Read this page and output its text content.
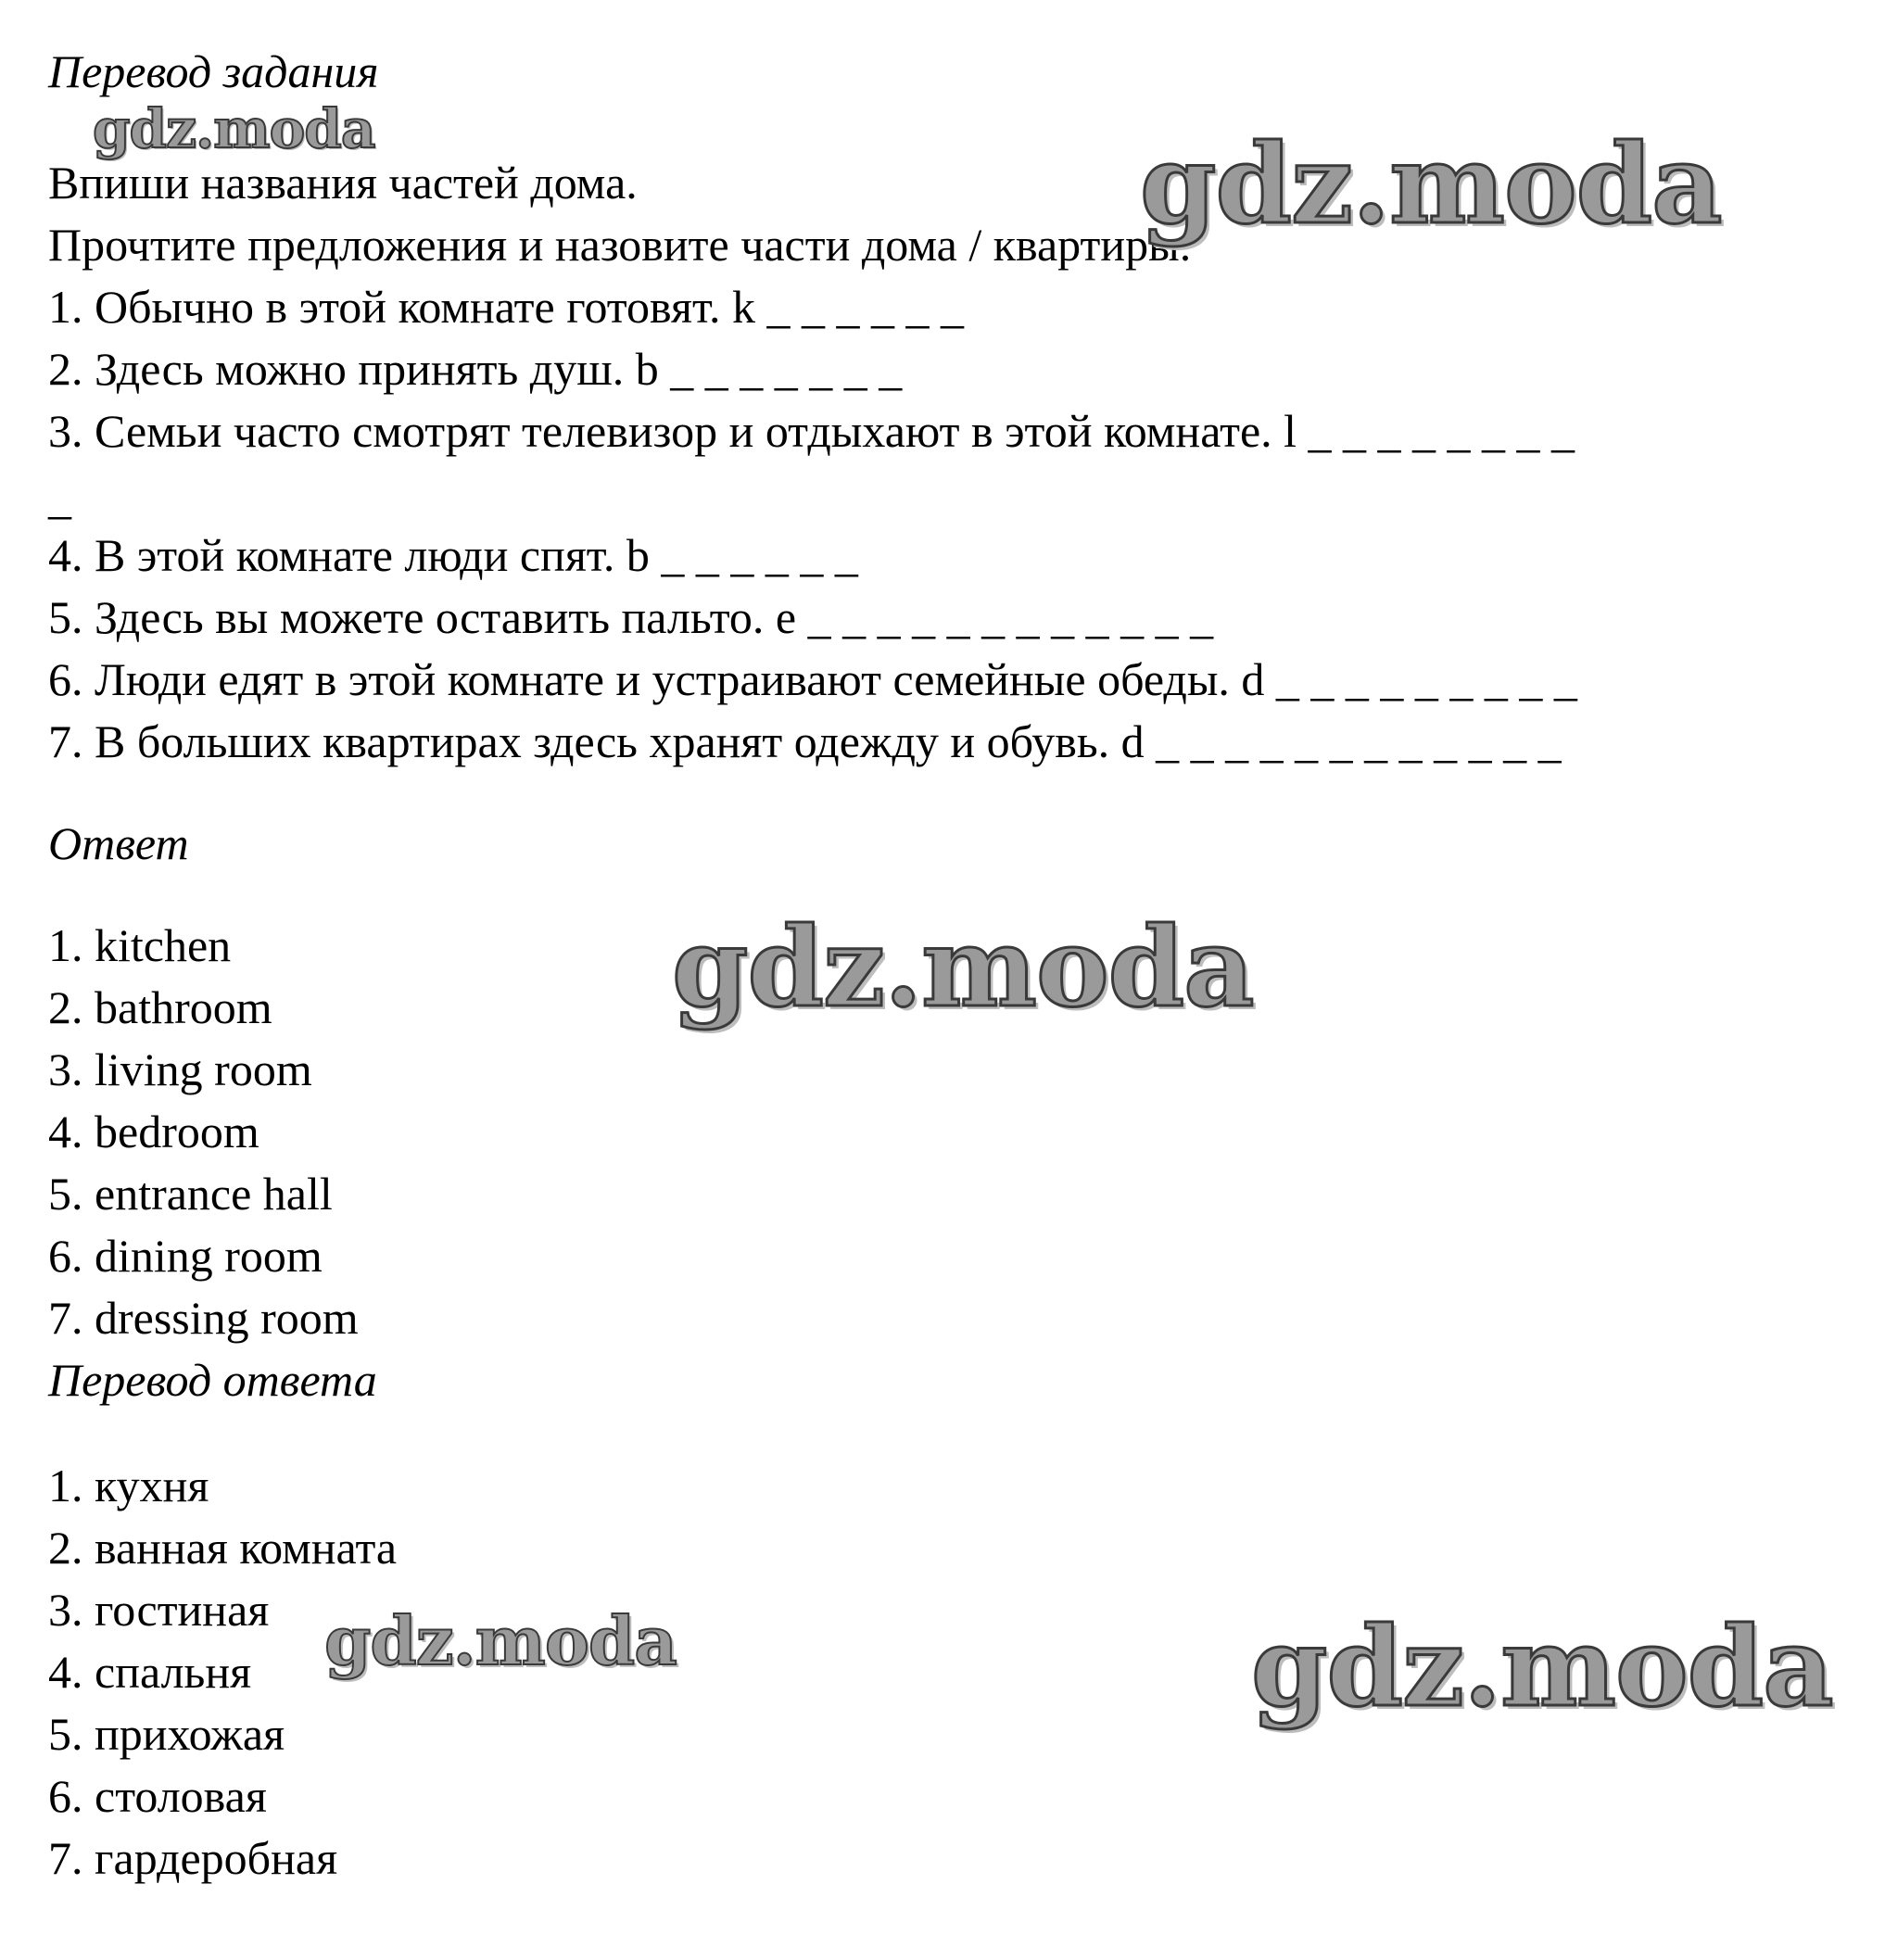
Перевод задания
Впиши названия частей дома.
Прочтите предложения и назовите части дома / квартиры.
1. Обычно в этой комнате готовят. k _ _ _ _ _ _
2. Здесь можно принять душ. b _ _ _ _ _ _ _
3. Семьи часто смотрят телевизор и отдыхают в этой комнате. l _ _ _ _ _ _ _ _
_
4. В этой комнате люди спят. b _ _ _ _ _ _
5. Здесь вы можете оставить пальто. e _ _ _ _ _ _ _ _ _ _ _ _
6. Люди едят в этой комнате и устраивают семейные обеды. d _ _ _ _ _ _ _ _ _
7. В больших квартирах здесь хранят одежду и обувь. d _ _ _ _ _ _ _ _ _ _ _ _
Ответ
1. kitchen
2. bathroom
3. living room
4. bedroom
5. entrance hall
6. dining room
7. dressing room
Перевод ответа
1. кухня
2. ванная комната
3. гостиная
4. спальня
5. прихожая
6. столовая
7. гардеробная
gdz.moda	gdz.moda
gdz.moda
gdz.moda	gdz.moda
